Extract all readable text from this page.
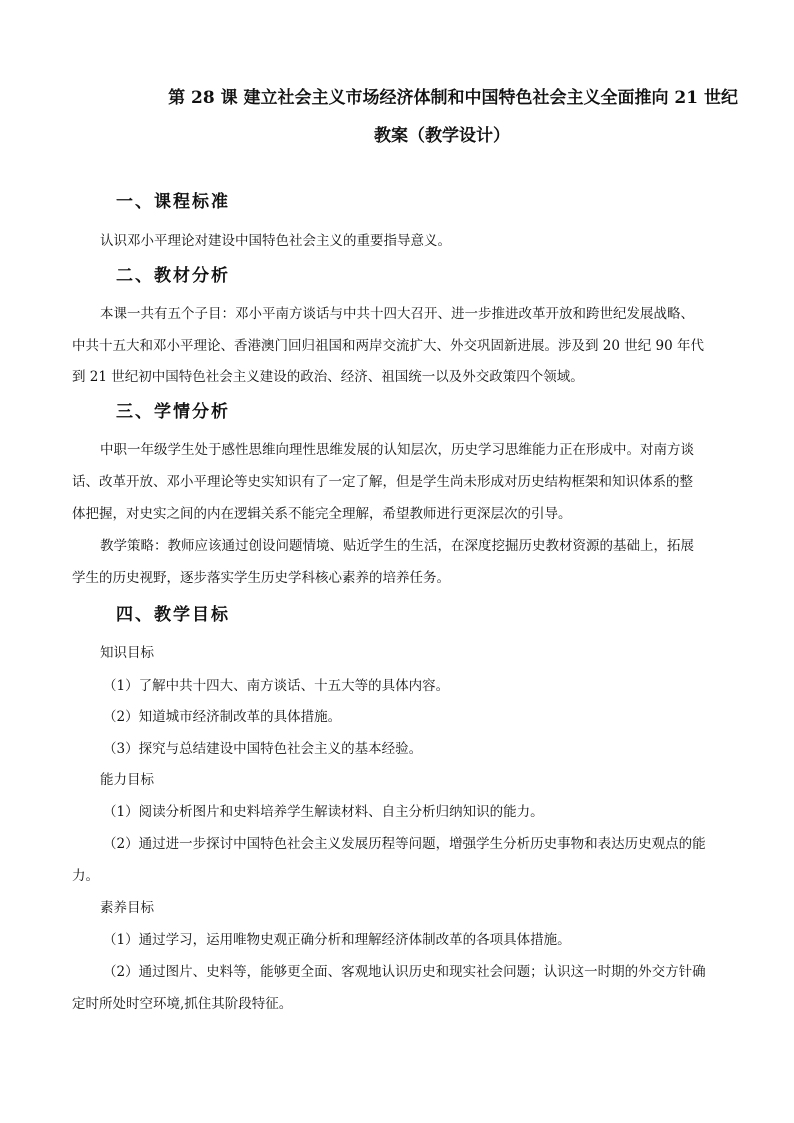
第 28 课 建立社会主义市场经济体制和中国特色社会主义全面推向 21 世纪
教案（教学设计）
一、课程标准
认识邓小平理论对建设中国特色社会主义的重要指导意义。
二、教材分析
本课一共有五个子目：邓小平南方谈话与中共十四大召开、进一步推进改革开放和跨世纪发展战略、
中共十五大和邓小平理论、香港澳门回归祖国和两岸交流扩大、外交巩固新进展。涉及到 20 世纪 90 年代
到 21 世纪初中国特色社会主义建设的政治、经济、祖国统一以及外交政策四个领域。
三、学情分析
中职一年级学生处于感性思维向理性思维发展的认知层次，历史学习思维能力正在形成中。对南方谈
话、改革开放、邓小平理论等史实知识有了一定了解，但是学生尚未形成对历史结构框架和知识体系的整
体把握，对史实之间的内在逻辑关系不能完全理解，希望教师进行更深层次的引导。
教学策略：教师应该通过创设问题情境、贴近学生的生活，在深度挖掘历史教材资源的基础上，拓展
学生的历史视野，逐步落实学生历史学科核心素养的培养任务。
四、教学目标
知识目标
（1）了解中共十四大、南方谈话、十五大等的具体内容。
（2）知道城市经济制改革的具体措施。
（3）探究与总结建设中国特色社会主义的基本经验。
能力目标
（1）阅读分析图片和史料培养学生解读材料、自主分析归纳知识的能力。
（2）通过进一步探讨中国特色社会主义发展历程等问题，增强学生分析历史事物和表达历史观点的能
力。
素养目标
（1）通过学习，运用唯物史观正确分析和理解经济体制改革的各项具体措施。
（2）通过图片、史料等，能够更全面、客观地认识历史和现实社会问题；认识这一时期的外交方针确
定时所处时空环境,抓住其阶段特征。
